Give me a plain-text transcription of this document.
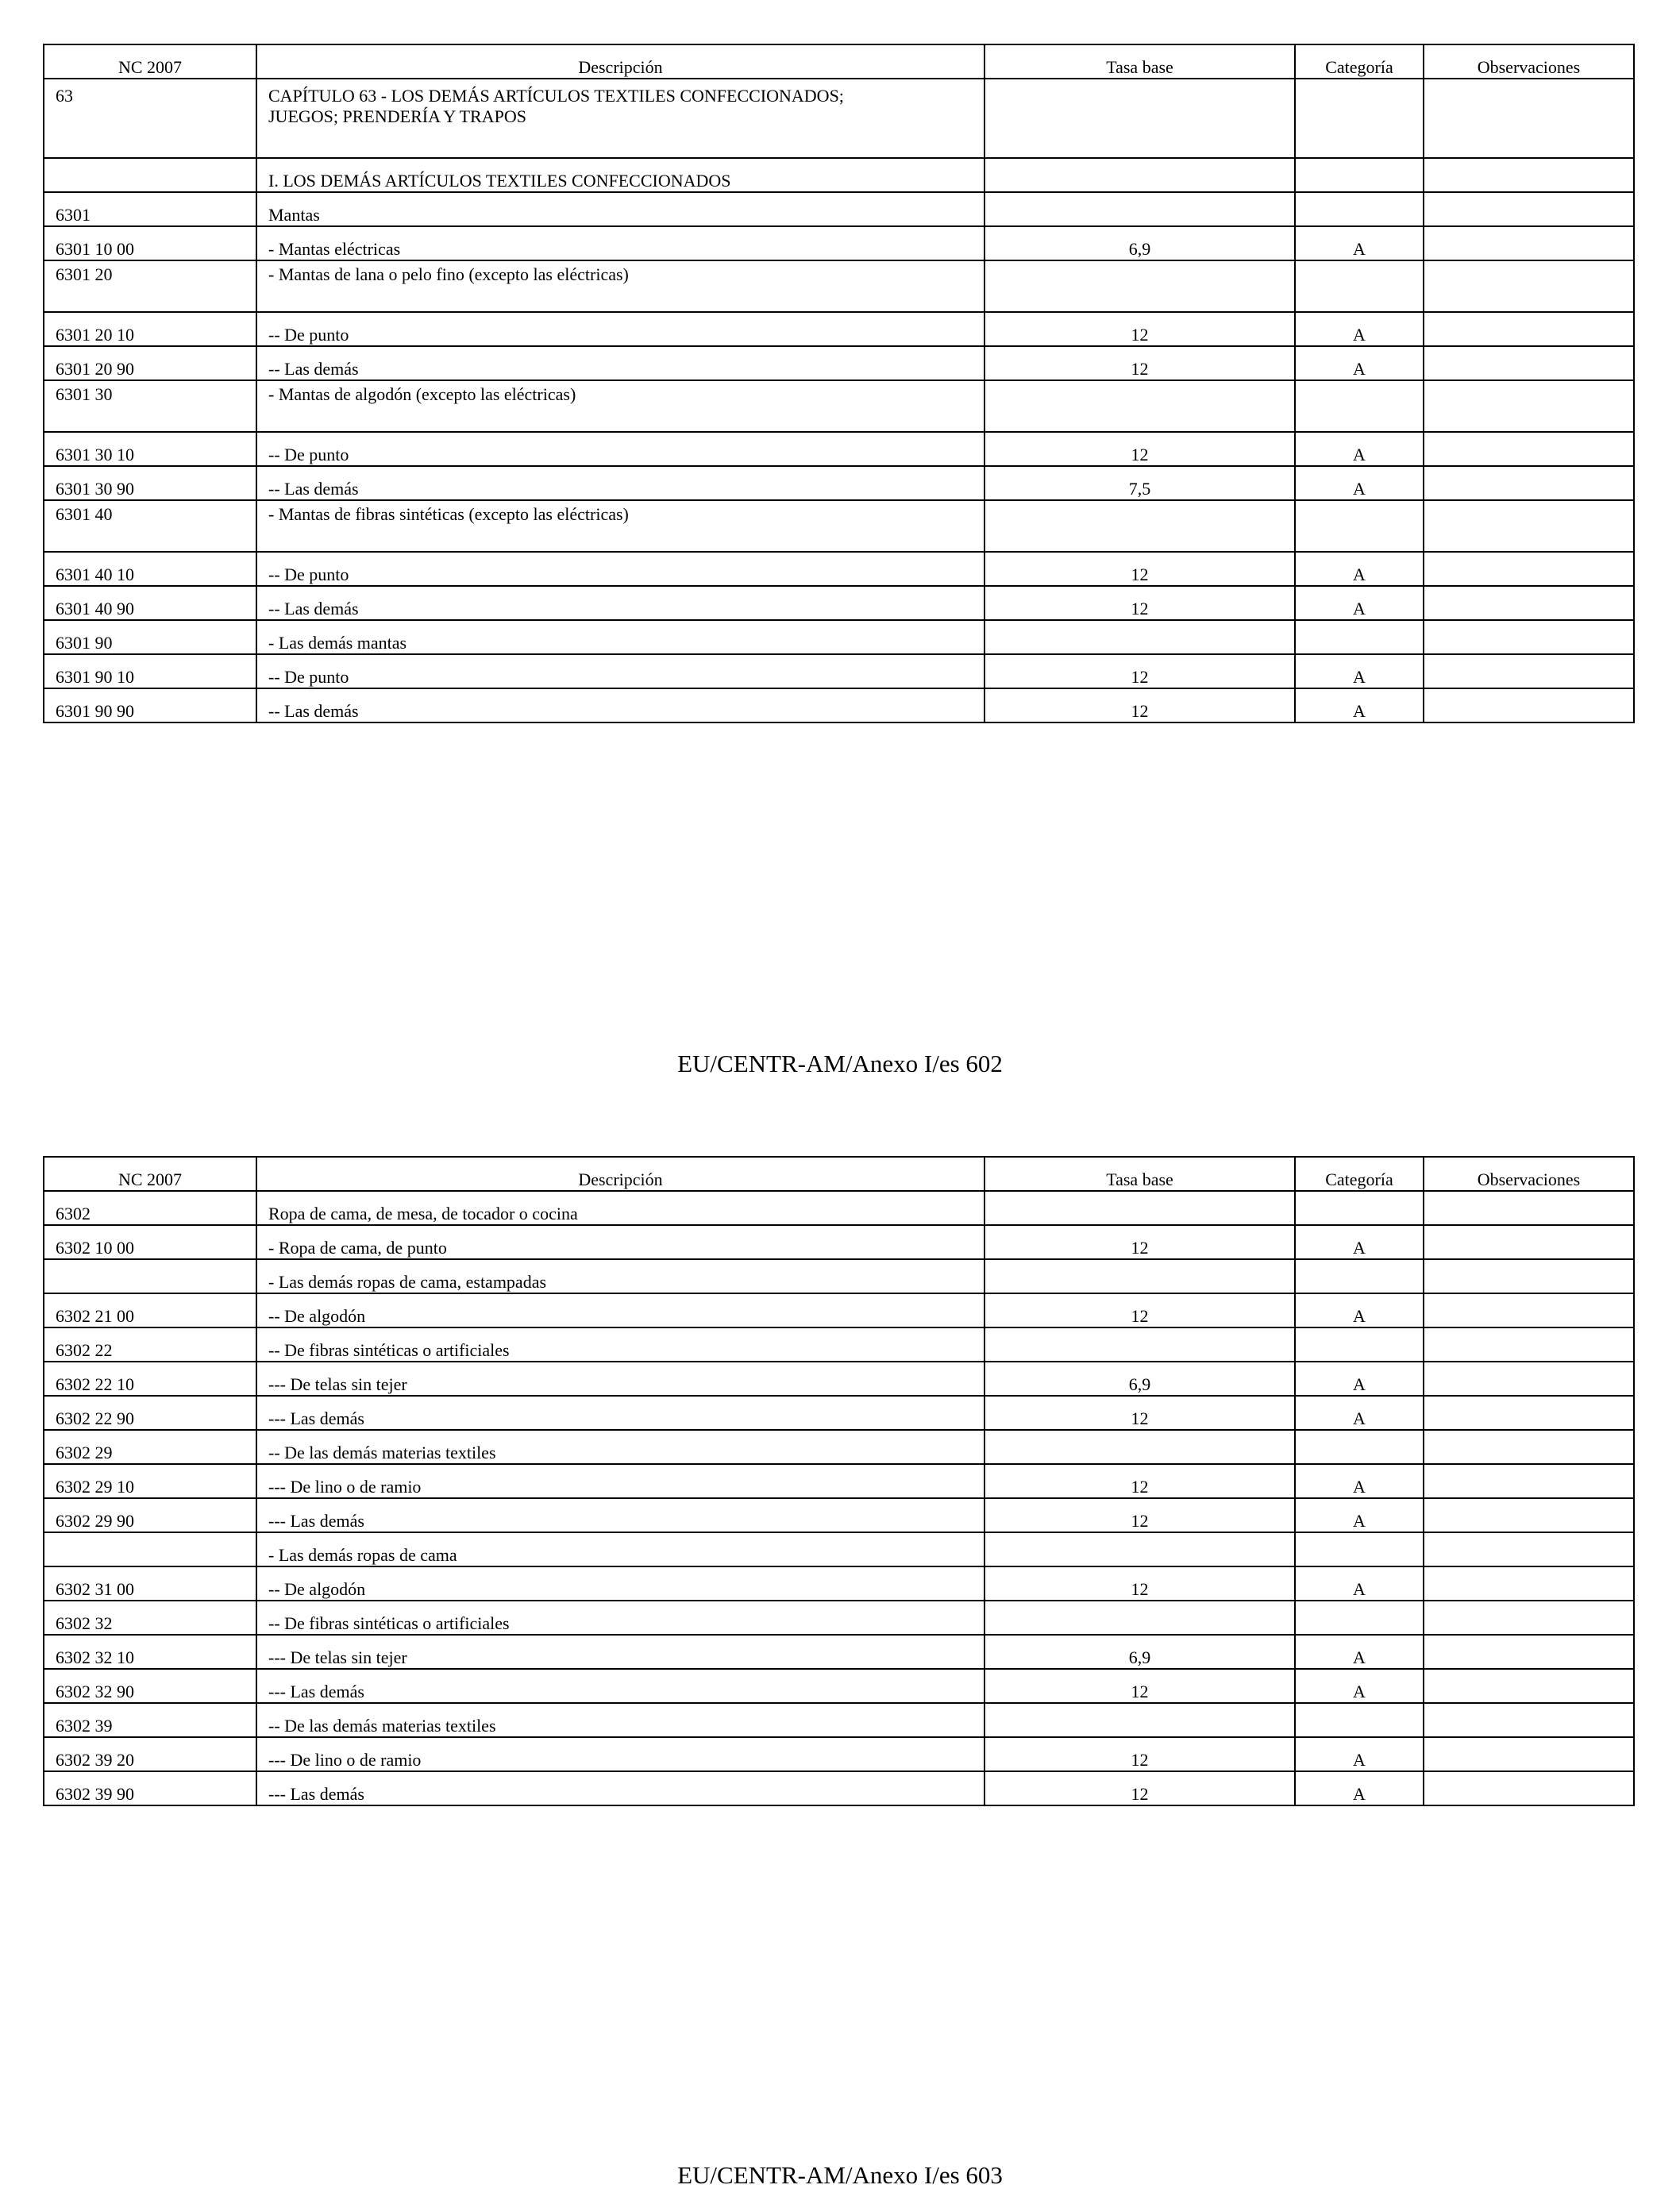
NC 2007	Descripción	Tasa base	Categoría	Observaciones
63	CAPÍTULO 63 - LOS DEMÁS ARTÍCULOS TEXTILES CONFECCIONADOS;
JUEGOS; PRENDERÍA Y TRAPOS			
	I. LOS DEMÁS ARTÍCULOS TEXTILES CONFECCIONADOS			
6301	Mantas			
6301 10 00	- Mantas eléctricas	6,9	A	
6301 20	- Mantas de lana o pelo fino (excepto las eléctricas)			
6301 20 10	-- De punto	12	A	
6301 20 90	-- Las demás	12	A	
6301 30	- Mantas de algodón (excepto las eléctricas)			
6301 30 10	-- De punto	12	A	
6301 30 90	-- Las demás	7,5	A	
6301 40	- Mantas de fibras sintéticas (excepto las eléctricas)			
6301 40 10	-- De punto	12	A	
6301 40 90	-- Las demás	12	A	
6301 90	- Las demás mantas			
6301 90 10	-- De punto	12	A	
6301 90 90	-- Las demás	12	A	
EU/CENTR-AM/Anexo I/es 602
NC 2007	Descripción	Tasa base	Categoría	Observaciones
6302	Ropa de cama, de mesa, de tocador o cocina			
6302 10 00	- Ropa de cama, de punto	12	A	
	- Las demás ropas de cama, estampadas			
6302 21 00	-- De algodón	12	A	
6302 22	-- De fibras sintéticas o artificiales			
6302 22 10	--- De telas sin tejer	6,9	A	
6302 22 90	--- Las demás	12	A	
6302 29	-- De las demás materias textiles			
6302 29 10	--- De lino o de ramio	12	A	
6302 29 90	--- Las demás	12	A	
	- Las demás ropas de cama			
6302 31 00	-- De algodón	12	A	
6302 32	-- De fibras sintéticas o artificiales			
6302 32 10	--- De telas sin tejer	6,9	A	
6302 32 90	--- Las demás	12	A	
6302 39	-- De las demás materias textiles			
6302 39 20	--- De lino o de ramio	12	A	
6302 39 90	--- Las demás	12	A	
EU/CENTR-AM/Anexo I/es 603
